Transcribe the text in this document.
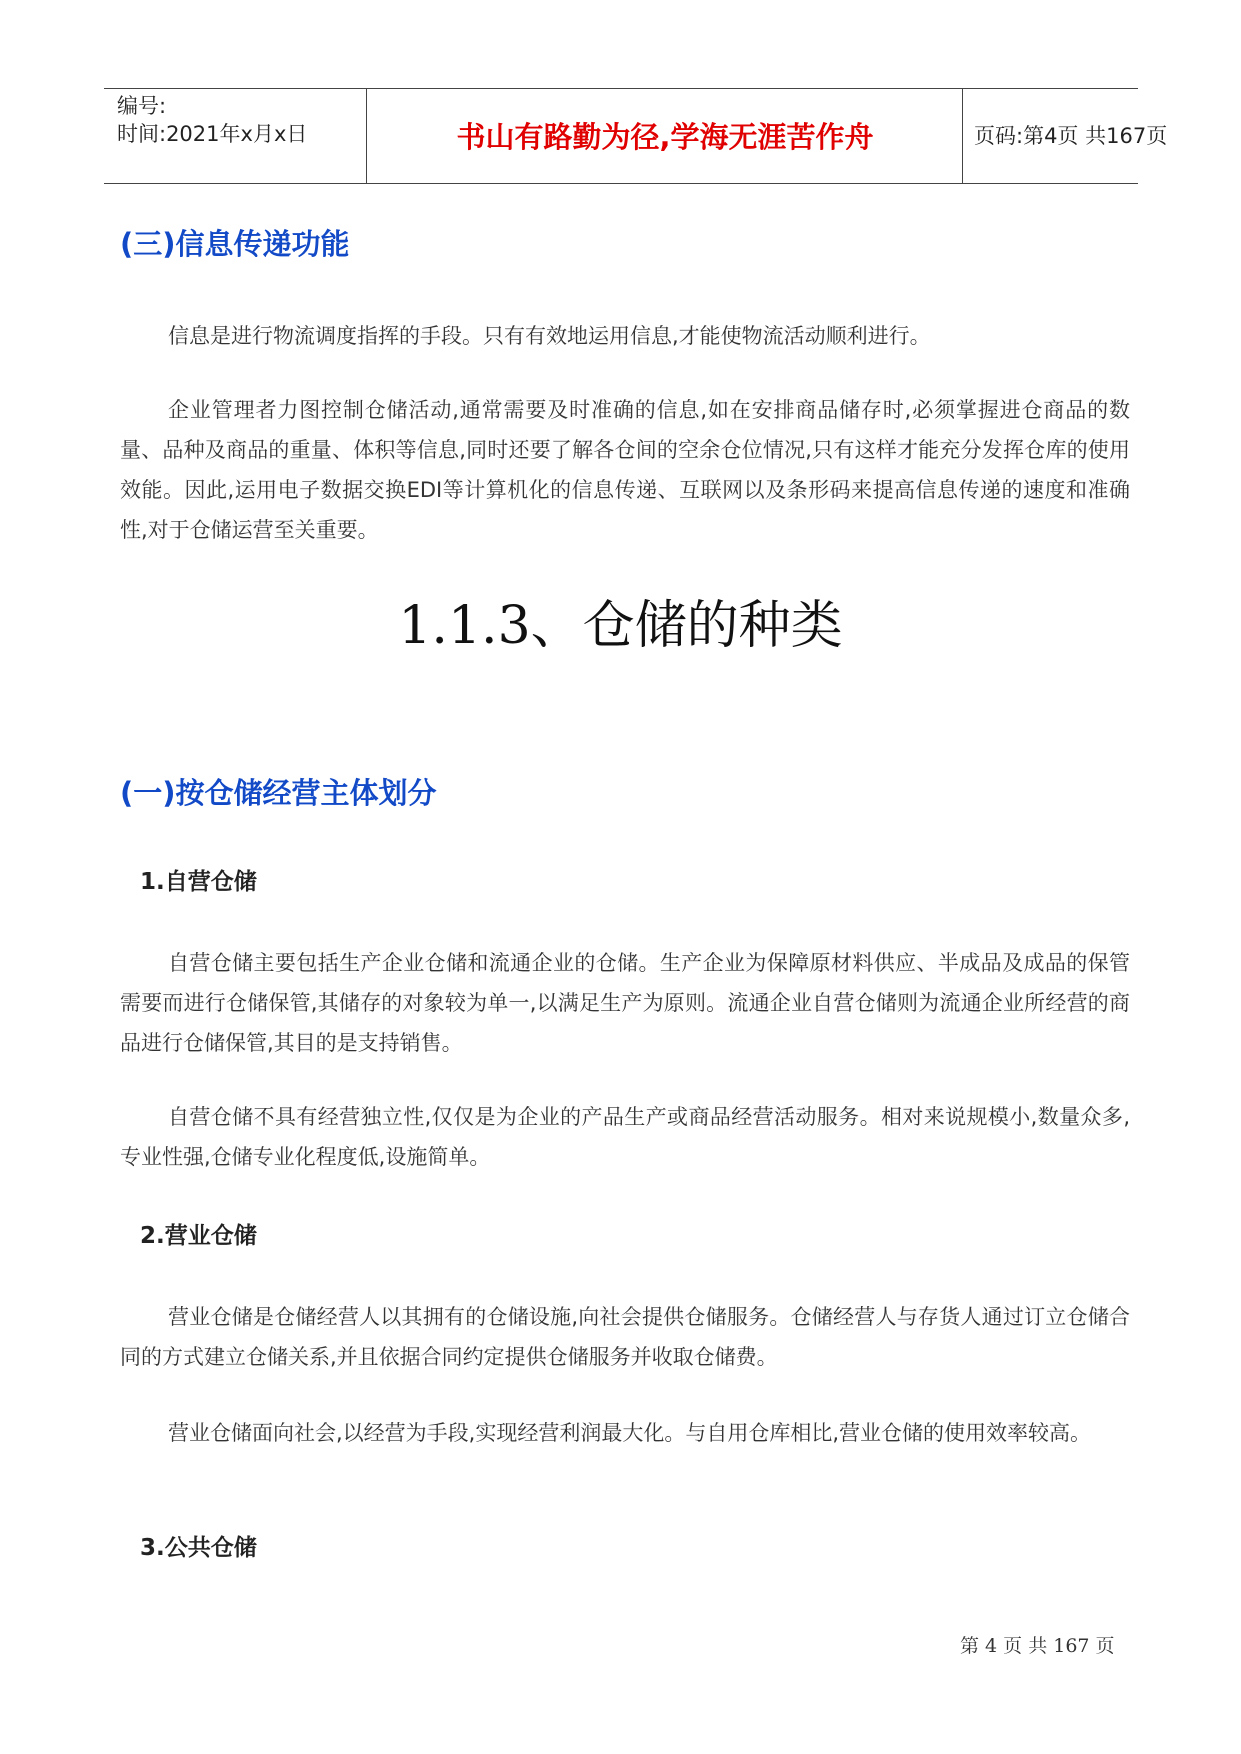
编号:
时间:2021年x月x日	书山有路勤为径,学海无涯苦作舟	页码:第4页 共167页
(三)信息传递功能

信息是进行物流调度指挥的手段。只有有效地运用信息,才能使物流活动顺利进行。

企业管理者力图控制仓储活动,通常需要及时准确的信息,如在安排商品储存时,必须掌握进仓商品的数量、品种及商品的重量、体积等信息,同时还要了解各仓间的空余仓位情况,只有这样才能充分发挥仓库的使用效能。因此,运用电子数据交换EDI等计算机化的信息传递、互联网以及条形码来提高信息传递的速度和准确性,对于仓储运营至关重要。

1.1.3、仓储的种类
(一)按仓储经营主体划分
1.自营仓储

自营仓储主要包括生产企业仓储和流通企业的仓储。生产企业为保障原材料供应、半成品及成品的保管需要而进行仓储保管,其储存的对象较为单一,以满足生产为原则。流通企业自营仓储则为流通企业所经营的商品进行仓储保管,其目的是支持销售。

自营仓储不具有经营独立性,仅仅是为企业的产品生产或商品经营活动服务。相对来说规模小,数量众多,专业性强,仓储专业化程度低,设施简单。

2.营业仓储

营业仓储是仓储经营人以其拥有的仓储设施,向社会提供仓储服务。仓储经营人与存货人通过订立仓储合同的方式建立仓储关系,并且依据合同约定提供仓储服务并收取仓储费。

营业仓储面向社会,以经营为手段,实现经营利润最大化。与自用仓库相比,营业仓储的使用效率较高。

3.公共仓储
第 4 页 共 167 页
